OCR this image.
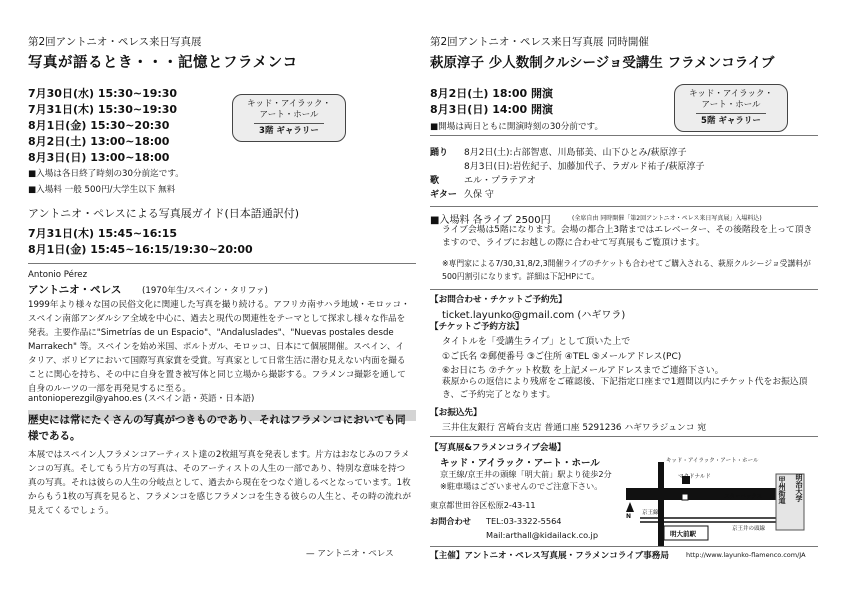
第2回アントニオ・ペレス来日写真展
写真が語るとき・・・記憶とフラメンコ
7月30日(水) 15:30~19:30
7月31日(木) 15:30~19:30
8月1日(金) 15:30~20:30
8月2日(土) 13:00~18:00
8月3日(日) 13:00~18:00
キッド・アイラック・
アート・ホール
3階 ギャラリー
■入場は各日終了時刻の30分前迄です。
■入場料 一般 500円/大学生以下 無料
アントニオ・ペレスによる写真展ガイド(日本語通訳付)
7月31日(木) 15:45~16:15
8月1日(金) 15:45~16:15/19:30~20:00
Antonio Pérez
アントニオ・ペレス (1970年生/スペイン・タリファ)
1999年より様々な国の民俗文化に関連した写真を撮り続ける。アフリカ南サハラ地域・モロッコ・スペイン南部アンダルシア全域を中心に、過去と現代の関連性をテーマとして探求し様々な作品を発表。主要作品に"Simetrías de un Espacio"、"Andaluslades"、"Nuevas postales desde Marrakech" 等。スペインを始め米国、ポルトガル、モロッコ、日本にて個展開催。スペイン、イタリア、ボリビアにおいて国際写真家賞を受賞。写真家として日常生活に潜む見えない内面を撮ることに関心を持ち、その中に自身を置き被写体と同じ立場から撮影する。フラメンコ撮影を通して自身のルーツの一部を再発見するに至る。
antonioperezgil@yahoo.es (スペイン語・英語・日本語)
歴史には常にたくさんの写真がつきものであり、それはフラメンコにおいても同様である。
本展ではスペイン人フラメンコアーティスト達の2枚組写真を発表します。片方はおなじみのフラメンコの写真。そしてもう片方の写真は、そのアーティストの人生の一部であり、特別な意味を持つ真の写真。それは彼らの人生の分岐点として、過去から現在をつなぐ道しるべとなっています。1枚からもう1枚の写真を見ると、フラメンコを感じフラメンコを生きる彼らの人生と、その時の流れが見えてくるでしょう。
— アントニオ・ペレス
第2回アントニオ・ペレス来日写真展 同時開催
萩原淳子 少人数制クルシージョ受講生 フラメンコライブ
8月2日(土) 18:00 開演
8月3日(日) 14:00 開演
■開場は両日ともに開演時刻の30分前です。
キッド・アイラック・
アート・ホール
5階 ギャラリー
踊り 8月2日(土):占部智恵、川島郁美、山下ひとみ/萩原淳子
8月3日(日):岩佐紀子、加藤加代子、ラガルド祐子/萩原淳子
歌	エル・プラテアオ
ギター 久保 守
■入場料 各ライブ 2500円	(全席自由 同時開催「第2回アントニオ・ペレス来日写真展」入場料込)
ライブ会場は5階になります。会場の都合上3階まではエレベーター、その後階段を上って頂きますので、ライブにお越しの際に合わせて写真展もご覧頂けます。
※専門家による7/30,31,8/2,3開催ライブのチケットも合わせてご購入される、萩原クルシージョ受講料が500円割引になります。詳細は下記HPにて。
【お問合わせ・チケットご予約先】
ticket.layunko@gmail.com (ハギワラ)
【チケットご予約方法】
タイトルを「受講生ライブ」として頂いた上で
①ご氏名 ②郵便番号 ③ご住所 ④TEL ⑤メールアドレス(PC)
⑥お日にち ⑦チケット枚数 を上記メールアドレスまでご連絡下さい。
萩原からの返信により残席をご確認後、下記指定口座まで1週間以内にチケット代をお振込頂き、ご予約完了となります。
【お振込先】
三井住友銀行 宮崎台支店 普通口座 5291236 ハギワラジュンコ 宛
【写真展&フラメンコライブ会場】
キッド・アイラック・アート・ホール
京王線/京王井の頭線「明大前」駅より徒歩2分
※駐車場はございませんのでご注意下さい。
東京都世田谷区松原2-43-11
お問合わせ TEL:03-3322-5564
Mail:arthall@kidailack.co.jp
キッド・アイラック・アート・ホール
マクドナルド
スターバックス 甲州街道 明治大学
明大前駅
京王線
京王井の頭線
N
【主催】アントニオ・ペレス写真展・フラメンコライブ事務局	http://www.layunko-flamenco.com/JA
